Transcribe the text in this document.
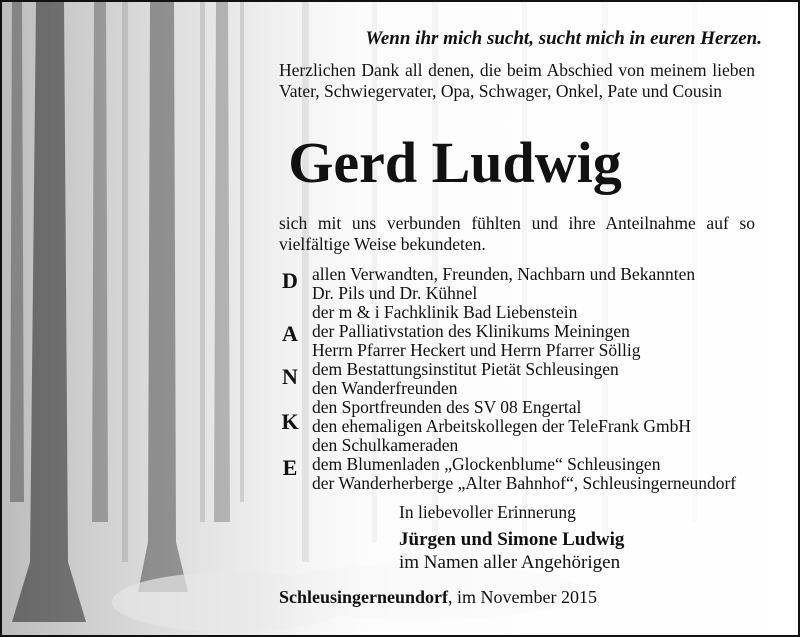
Wenn ihr mich sucht, sucht mich in euren Herzen.

Herzlichen Dank all denen, die beim Abschied von meinem lieben Vater, Schwiegervater, Opa, Schwager, Onkel, Pate und Cousin

Gerd Ludwig

sich mit uns verbunden fühlten und ihre Anteilnahme auf so vielfältige Weise bekundeten.

D
A
N
K
E
allen Verwandten, Freunden, Nachbarn und Bekannten
Dr. Pils und Dr. Kühnel
der m & i Fachklinik Bad Liebenstein
der Palliativstation des Klinikums Meiningen
Herrn Pfarrer Heckert und Herrn Pfarrer Söllig
dem Bestattungsinstitut Pietät Schleusingen
den Wanderfreunden
den Sportfreunden des SV 08 Engertal
den ehemaligen Arbeitskollegen der TeleFrank GmbH
den Schulkameraden
dem Blumenladen „Glockenblume“ Schleusingen
der Wanderherberge „Alter Bahnhof“, Schleusingerneundorf
In liebevoller Erinnerung
Jürgen und Simone Ludwig
im Namen aller Angehörigen
Schleusingerneundorf, im November 2015
